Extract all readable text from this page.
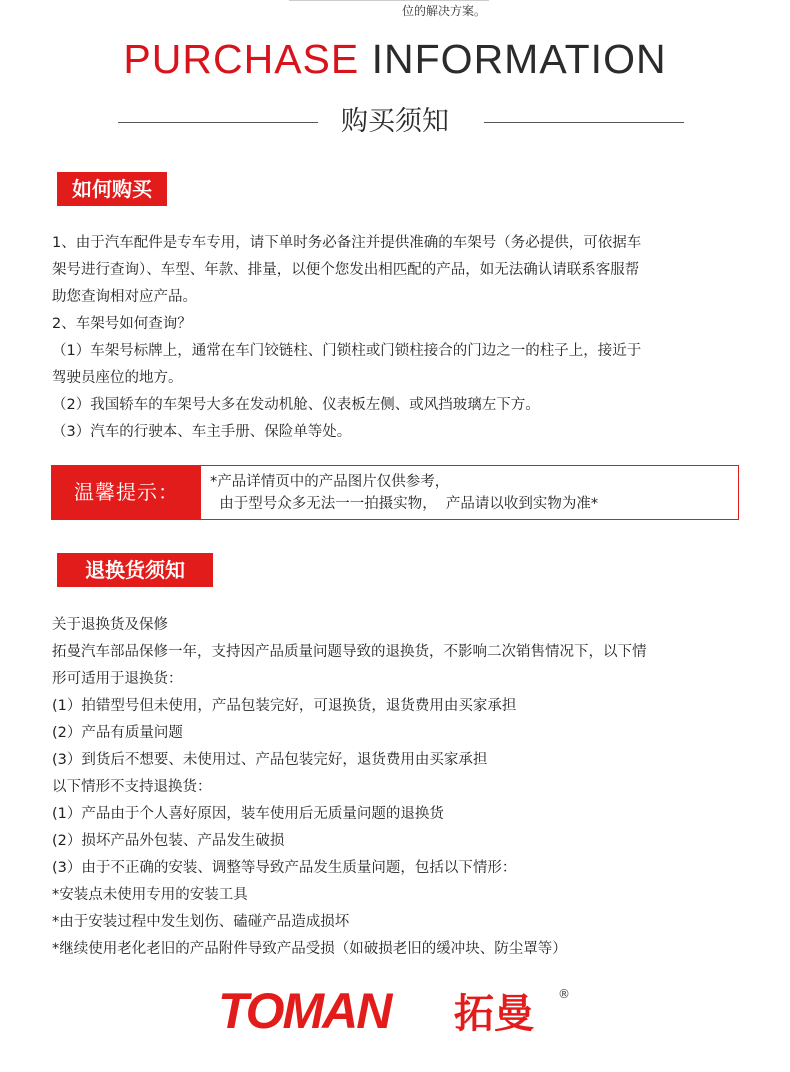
位的解决方案。
PURCHASE INFORMATION
购买须知
如何购买

1、由于汽车配件是专车专用，请下单时务必备注并提供准确的车架号（务必提供，可依据车

架号进行查询）、车型、年款、排量，以便个您发出相匹配的产品，如无法确认请联系客服帮

助您查询相对应产品。

2、车架号如何查询？

（1）车架号标牌上，通常在车门铰链柱、门锁柱或门锁柱接合的门边之一的柱子上，接近于

驾驶员座位的地方。

（2）我国轿车的车架号大多在发动机舱、仪表板左侧、或风挡玻璃左下方。

（3）汽车的行驶本、车主手册、保险单等处。

温馨提示：	*产品详情页中的产品图片仅供参考，

由于型号众多无法一一拍摄实物，  产品请以收到实物为准*

退换货须知

关于退换货及保修

拓曼汽车部品保修一年，支持因产品质量问题导致的退换货，不影响二次销售情况下，以下情

形可适用于退换货：

(1）拍错型号但未使用，产品包装完好，可退换货，退货费用由买家承担

(2）产品有质量问题

(3）到货后不想要、未使用过、产品包装完好，退货费用由买家承担

以下情形不支持退换货：

(1）产品由于个人喜好原因，装车使用后无质量问题的退换货

(2）损坏产品外包装、产品发生破损

(3）由于不正确的安装、调整等导致产品发生质量问题，包括以下情形：

*安装点未使用专用的安装工具

*由于安装过程中发生划伤、磕碰产品造成损坏

*继续使用老化老旧的产品附件导致产品受损（如破损老旧的缓冲块、防尘罩等）

TOMAN 拓曼 ®
